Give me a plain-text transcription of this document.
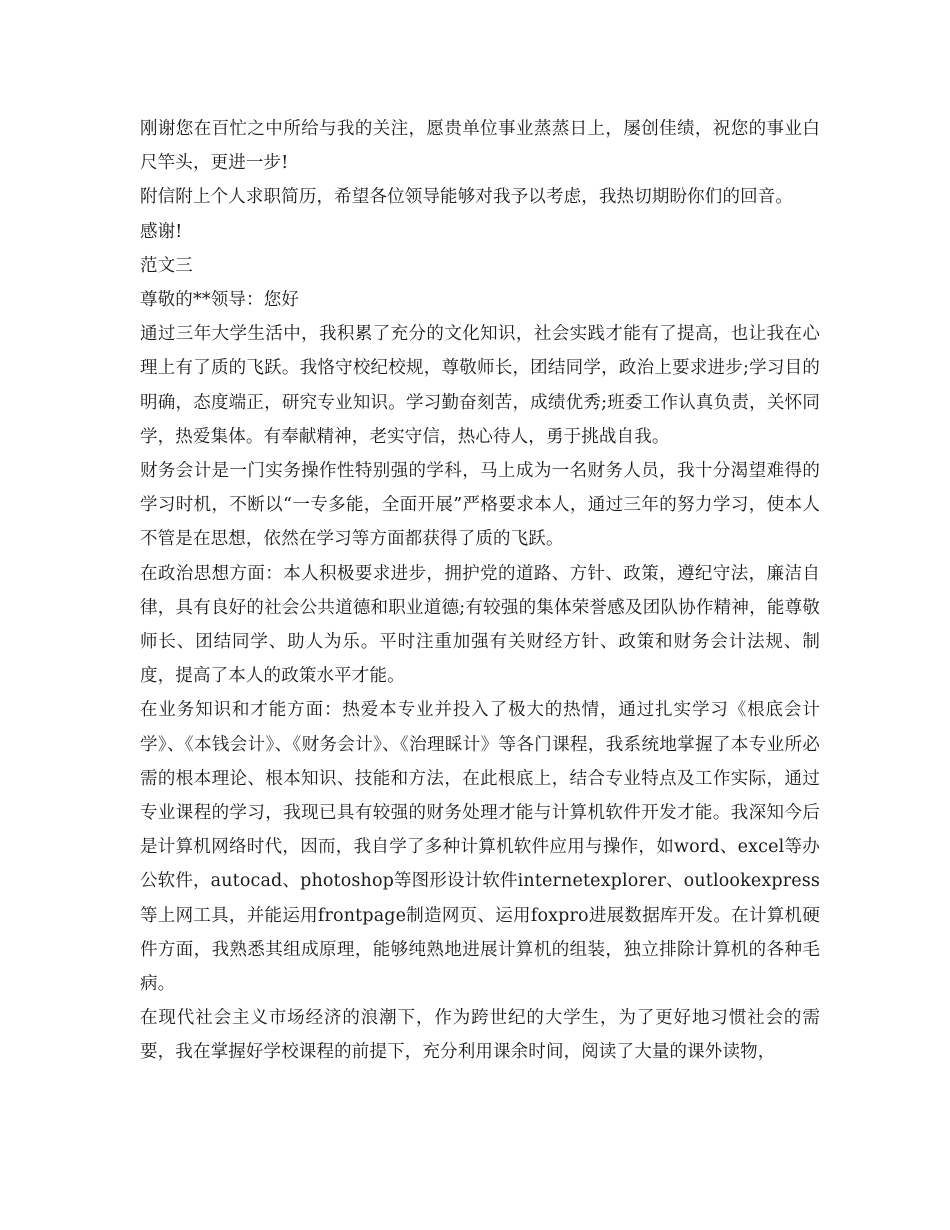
刚谢您在百忙之中所给与我的关注，愿贵单位事业蒸蒸日上，屡创佳绩，祝您的事业白尺竿头，更进一步!

附信附上个人求职简历，希望各位领导能够对我予以考虑，我热切期盼你们的回音。

感谢!

范文三

尊敬的**领导：您好

通过三年大学生活中，我积累了充分的文化知识，社会实践才能有了提高，也让我在心理上有了质的飞跃。我恪守校纪校规，尊敬师长，团结同学，政治上要求进步;学习目的明确，态度端正，研究专业知识。学习勤奋刻苦，成绩优秀;班委工作认真负责，关怀同学，热爱集体。有奉献精神，老实守信，热心待人，勇于挑战自我。

财务会计是一门实务操作性特别强的学科，马上成为一名财务人员，我十分渴望难得的学习时机，不断以“一专多能，全面开展”严格要求本人，通过三年的努力学习，使本人不管是在思想，依然在学习等方面都获得了质的飞跃。

在政治思想方面：本人积极要求进步，拥护党的道路、方针、政策，遵纪守法，廉洁自律，具有良好的社会公共道德和职业道德;有较强的集体荣誉感及团队协作精神，能尊敬师长、团结同学、助人为乐。平时注重加强有关财经方针、政策和财务会计法规、制度，提高了本人的政策水平才能。

在业务知识和才能方面：热爱本专业并投入了极大的热情，通过扎实学习《根底会计学》、《本钱会计》、《财务会计》、《治理睬计》等各门课程，我系统地掌握了本专业所必需的根本理论、根本知识、技能和方法，在此根底上，结合专业特点及工作实际，通过专业课程的学习，我现已具有较强的财务处理才能与计算机软件开发才能。我深知今后是计算机网络时代，因而，我自学了多种计算机软件应用与操作，如word、excel等办公软件，autocad、photoshop等图形设计软件internetexplorer、outlookexpress等上网工具，并能运用frontpage制造网页、运用foxpro进展数据库开发。在计算机硬件方面，我熟悉其组成原理，能够纯熟地进展计算机的组装，独立排除计算机的各种毛病。

在现代社会主义市场经济的浪潮下，作为跨世纪的大学生，为了更好地习惯社会的需要，我在掌握好学校课程的前提下，充分利用课余时间，阅读了大量的课外读物，
